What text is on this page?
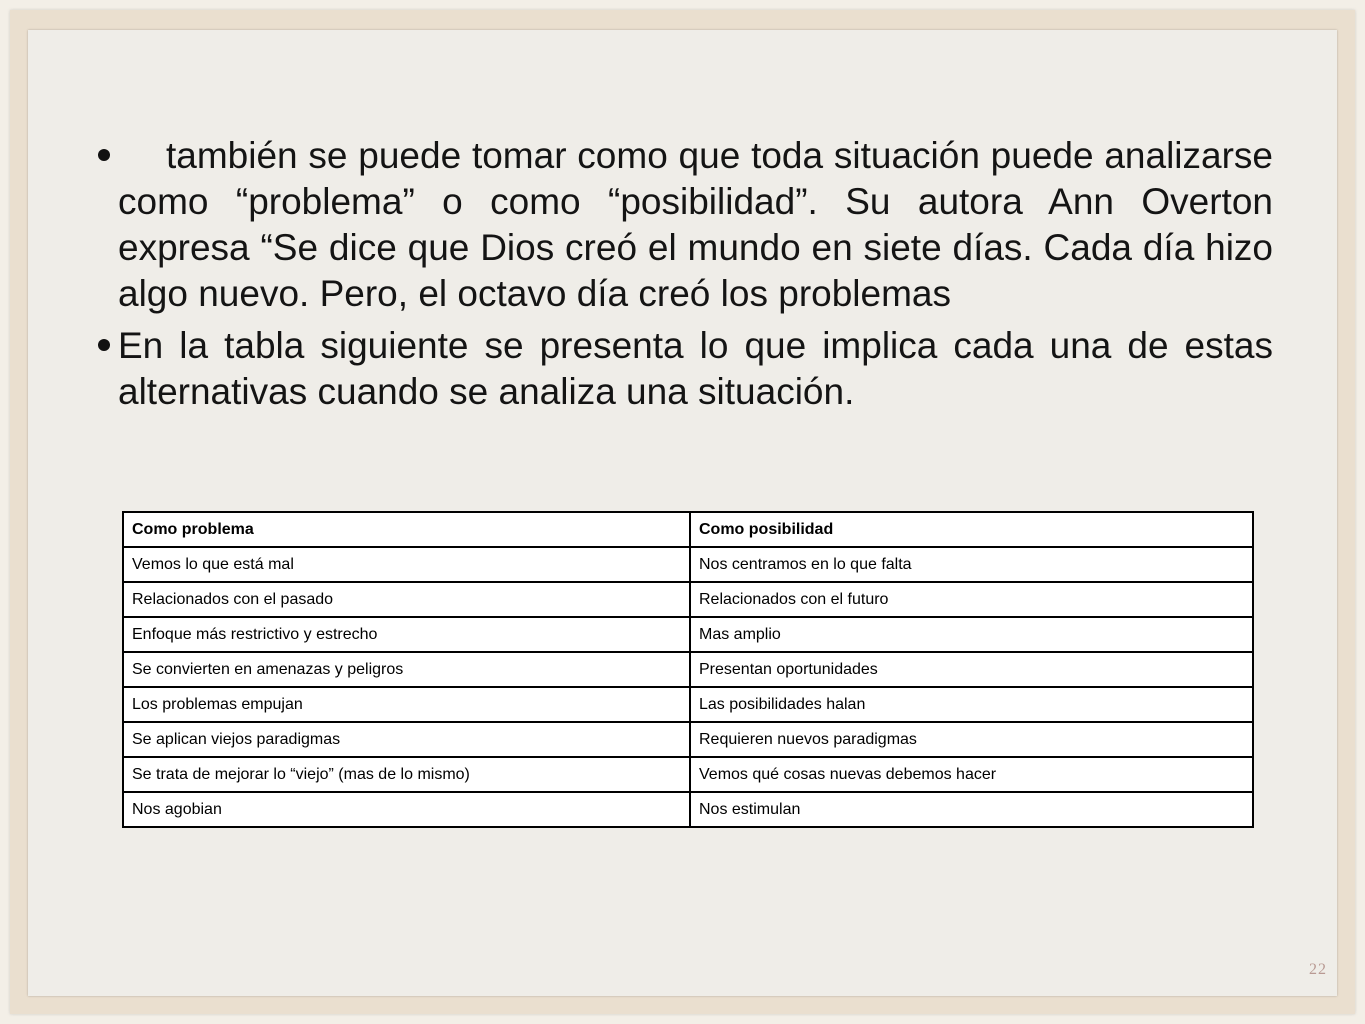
también se puede tomar como que toda situación puede analizarse como “problema” o como “posibilidad”. Su autora Ann Overton expresa “Se dice que Dios creó el mundo en siete días. Cada día hizo algo nuevo. Pero, el octavo día creó los problemas
En la tabla siguiente se presenta lo que implica cada una de estas alternativas cuando se analiza una situación.
Como problema	Como posibilidad
Vemos lo que está mal	Nos centramos en lo que falta
Relacionados con el pasado	Relacionados con el futuro
Enfoque más restrictivo y estrecho	Mas amplio
Se convierten en amenazas y peligros	Presentan oportunidades
Los problemas empujan	Las posibilidades halan
Se aplican viejos paradigmas	Requieren nuevos paradigmas
Se trata de mejorar lo “viejo” (mas de lo mismo)	Vemos qué cosas nuevas debemos hacer
Nos agobian	Nos estimulan
22
